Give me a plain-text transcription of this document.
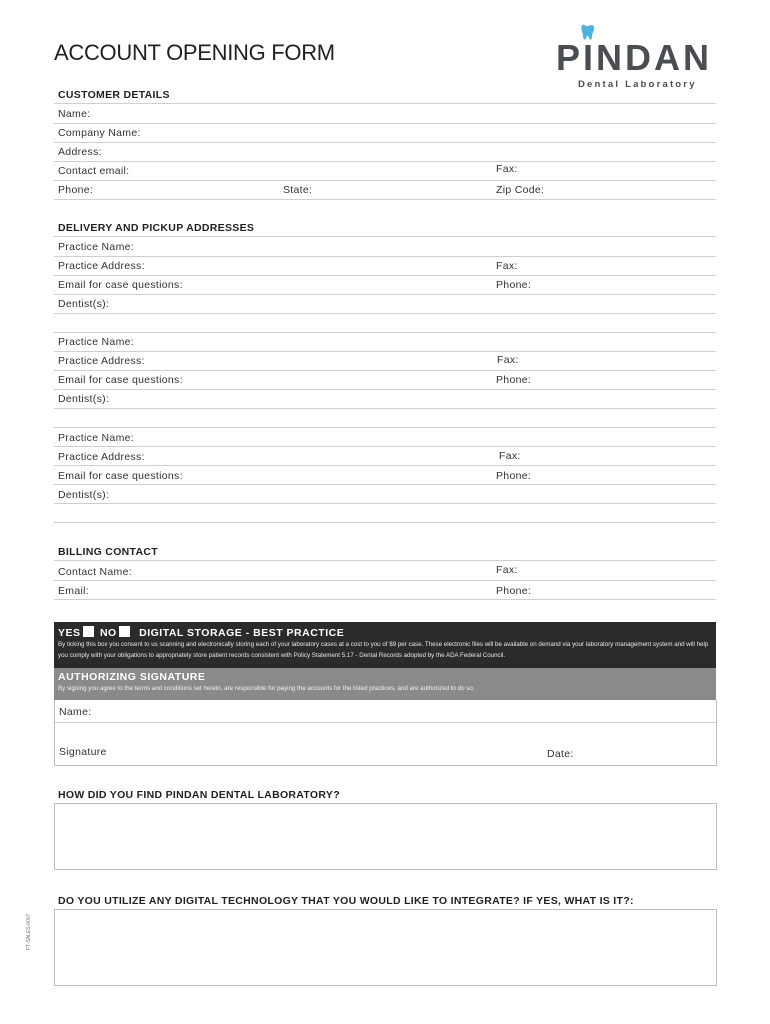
ACCOUNT OPENING FORM	PINDAN
Dental Laboratory
CUSTOMER DETAILS
Name:
Company Name:
Address:
Contact email:	Fax:
Phone:	State:	Zip Code:
DELIVERY AND PICKUP ADDRESSES
Practice Name:
Practice Address:	Fax:
Email for case questions:	Phone:
Dentist(s):
Practice Name:
Practice Address:	Fax:
Email for case questions:	Phone:
Dentist(s):
Practice Name:
Practice Address:	Fax:
Email for case questions:	Phone:
Dentist(s):
BILLING CONTACT
Contact Name:	Fax:
Email:	Phone:
YES NO DIGITAL STORAGE - BEST PRACTICE
By ticking this box you consent to us scanning and electronically storing each of your laboratory cases at a cost to you of $9 per case. These electronic files will be available on demand via your laboratory management system and will help you comply with your obligations to appropriately store patient records consistent with Policy Statement 5.17 - Dental Records adopted by the ADA Federal Council.
AUTHORIZING SIGNATURE
By signing you agree to the terms and conditions set herein, are responsible for paying the accounts for the listed practices, and are authorized to do so.
Name:
Signature	Date:
HOW DID YOU FIND PINDAN DENTAL LABORATORY?
DO YOU UTILIZE ANY DIGITAL TECHNOLOGY THAT YOU WOULD LIKE TO INTEGRATE? IF YES, WHAT IS IT?:
FT-SALES-0007
